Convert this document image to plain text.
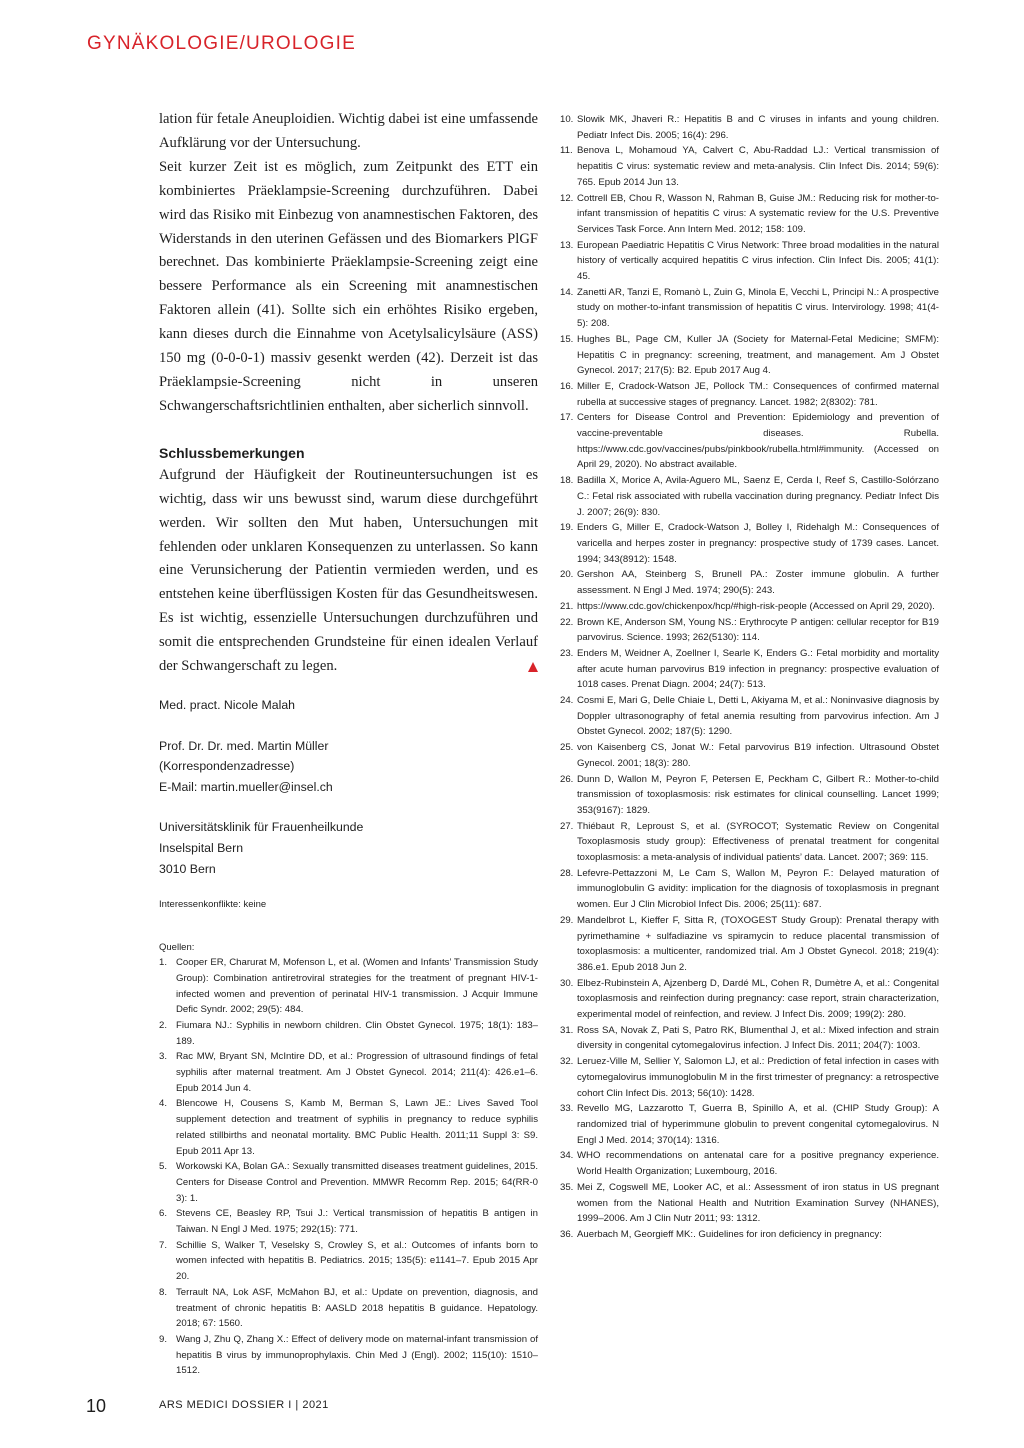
GYNÄKOLOGIE/UROLOGIE

lation für fetale Aneuploidien. Wichtig dabei ist eine umfassende Aufklärung vor der Untersuchung.

Seit kurzer Zeit ist es möglich, zum Zeitpunkt des ETT ein kombiniertes Präeklampsie-Screening durchzuführen. Dabei wird das Risiko mit Einbezug von anamnestischen Faktoren, des Widerstands in den uterinen Gefässen und des Biomarkers PlGF berechnet. Das kombinierte Präeklampsie-Screening zeigt eine bessere Performance als ein Screening mit anamnestischen Faktoren allein (41). Sollte sich ein erhöhtes Risiko ergeben, kann dieses durch die Einnahme von Acetylsalicylsäure (ASS) 150 mg (0-0-0-1) massiv gesenkt werden (42). Derzeit ist das Präeklampsie-Screening nicht in unseren Schwangerschaftsrichtlinien enthalten, aber sicherlich sinnvoll.

Schlussbemerkungen

Aufgrund der Häufigkeit der Routineuntersuchungen ist es wichtig, dass wir uns bewusst sind, warum diese durchgeführt werden. Wir sollten den Mut haben, Untersuchungen mit fehlenden oder unklaren Konsequenzen zu unterlassen. So kann eine Verunsicherung der Patientin vermieden werden, und es entstehen keine überflüssigen Kosten für das Gesundheitswesen. Es ist wichtig, essenzielle Untersuchungen durchzuführen und somit die entsprechenden Grundsteine für einen idealen Verlauf der Schwangerschaft zu legen.

Med. pract. Nicole Malah

Prof. Dr. Dr. med. Martin Müller

(Korrespondenzadresse)

E-Mail: martin.mueller@insel.ch

Universitätsklinik für Frauenheilkunde

Inselspital Bern

3010 Bern

Interessenkonflikte: keine

Quellen:

1. Cooper ER, Charurat M, Mofenson L, et al. (Women and Infants’ Transmission Study Group): Combination antiretroviral strategies for the treatment of pregnant HIV-1-infected women and prevention of perinatal HIV-1 transmission. J Acquir Immune Defic Syndr. 2002; 29(5): 484.
2. Fiumara NJ.: Syphilis in newborn children. Clin Obstet Gynecol. 1975; 18(1): 183–189.
3. Rac MW, Bryant SN, McIntire DD, et al.: Progression of ultrasound findings of fetal syphilis after maternal treatment. Am J Obstet Gynecol. 2014; 211(4): 426.e1–6. Epub 2014 Jun 4.
4. Blencowe H, Cousens S, Kamb M, Berman S, Lawn JE.: Lives Saved Tool supplement detection and treatment of syphilis in pregnancy to reduce syphilis related stillbirths and neonatal mortality. BMC Public Health. 2011;11 Suppl 3: S9. Epub 2011 Apr 13.
5. Workowski KA, Bolan GA.: Sexually transmitted diseases treatment guidelines, 2015. Centers for Disease Control and Prevention. MMWR Recomm Rep. 2015; 64(RR-0 3): 1.
6. Stevens CE, Beasley RP, Tsui J.: Vertical transmission of hepatitis B antigen in Taiwan. N Engl J Med. 1975; 292(15): 771.
7. Schillie S, Walker T, Veselsky S, Crowley S, et al.: Outcomes of infants born to women infected with hepatitis B. Pediatrics. 2015; 135(5): e1141–7. Epub 2015 Apr 20.
8. Terrault NA, Lok ASF, McMahon BJ, et al.: Update on prevention, diagnosis, and treatment of chronic hepatitis B: AASLD 2018 hepatitis B guidance. Hepatology. 2018; 67: 1560.
9. Wang J, Zhu Q, Zhang X.: Effect of delivery mode on maternal-infant transmission of hepatitis B virus by immunoprophylaxis. Chin Med J (Engl). 2002; 115(10): 1510–1512.
10. Slowik MK, Jhaveri R.: Hepatitis B and C viruses in infants and young children. Pediatr Infect Dis. 2005; 16(4): 296.
11. Benova L, Mohamoud YA, Calvert C, Abu-Raddad LJ.: Vertical transmission of hepatitis C virus: systematic review and meta-analysis. Clin Infect Dis. 2014; 59(6): 765. Epub 2014 Jun 13.
12. Cottrell EB, Chou R, Wasson N, Rahman B, Guise JM.: Reducing risk for mother-to-infant transmission of hepatitis C virus: A systematic review for the U.S. Preventive Services Task Force. Ann Intern Med. 2012; 158: 109.
13. European Paediatric Hepatitis C Virus Network: Three broad modalities in the natural history of vertically acquired hepatitis C virus infection. Clin Infect Dis. 2005; 41(1): 45.
14. Zanetti AR, Tanzi E, Romanò L, Zuin G, Minola E, Vecchi L, Principi N.: A prospective study on mother-to-infant transmission of hepatitis C virus. Intervirology. 1998; 41(4-5): 208.
15. Hughes BL, Page CM, Kuller JA (Society for Maternal-Fetal Medicine; SMFM): Hepatitis C in pregnancy: screening, treatment, and management. Am J Obstet Gynecol. 2017; 217(5): B2. Epub 2017 Aug 4.
16. Miller E, Cradock-Watson JE, Pollock TM.: Consequences of confirmed maternal rubella at successive stages of pregnancy. Lancet. 1982; 2(8302): 781.
17. Centers for Disease Control and Prevention: Epidemiology and prevention of vaccine-preventable diseases. Rubella. https://www.cdc.gov/vaccines/pubs/pinkbook/rubella.html#immunity. (Accessed on April 29, 2020). No abstract available.
18. Badilla X, Morice A, Avila-Aguero ML, Saenz E, Cerda I, Reef S, Castillo-Solórzano C.: Fetal risk associated with rubella vaccination during pregnancy. Pediatr Infect Dis J. 2007; 26(9): 830.
19. Enders G, Miller E, Cradock-Watson J, Bolley I, Ridehalgh M.: Consequences of varicella and herpes zoster in pregnancy: prospective study of 1739 cases. Lancet. 1994; 343(8912): 1548.
20. Gershon AA, Steinberg S, Brunell PA.: Zoster immune globulin. A further assessment. N Engl J Med. 1974; 290(5): 243.
21. https://www.cdc.gov/chickenpox/hcp/#high-risk-people (Accessed on April 29, 2020).
22. Brown KE, Anderson SM, Young NS.: Erythrocyte P antigen: cellular receptor for B19 parvovirus. Science. 1993; 262(5130): 114.
23. Enders M, Weidner A, Zoellner I, Searle K, Enders G.: Fetal morbidity and mortality after acute human parvovirus B19 infection in pregnancy: prospective evaluation of 1018 cases. Prenat Diagn. 2004; 24(7): 513.
24. Cosmi E, Mari G, Delle Chiaie L, Detti L, Akiyama M, et al.: Noninvasive diagnosis by Doppler ultrasonography of fetal anemia resulting from parvovirus infection. Am J Obstet Gynecol. 2002; 187(5): 1290.
25. von Kaisenberg CS, Jonat W.: Fetal parvovirus B19 infection. Ultrasound Obstet Gynecol. 2001; 18(3): 280.
26. Dunn D, Wallon M, Peyron F, Petersen E, Peckham C, Gilbert R.: Mother-to-child transmission of toxoplasmosis: risk estimates for clinical counselling. Lancet 1999; 353(9167): 1829.
27. Thiébaut R, Leproust S, et al. (SYROCOT; Systematic Review on Congenital Toxoplasmosis study group): Effectiveness of prenatal treatment for congenital toxoplasmosis: a meta-analysis of individual patients’ data. Lancet. 2007; 369: 115.
28. Lefevre-Pettazzoni M, Le Cam S, Wallon M, Peyron F.: Delayed maturation of immunoglobulin G avidity: implication for the diagnosis of toxoplasmosis in pregnant women. Eur J Clin Microbiol Infect Dis. 2006; 25(11): 687.
29. Mandelbrot L, Kieffer F, Sitta R, (TOXOGEST Study Group): Prenatal therapy with pyrimethamine + sulfadiazine vs spiramycin to reduce placental transmission of toxoplasmosis: a multicenter, randomized trial. Am J Obstet Gynecol. 2018; 219(4): 386.e1. Epub 2018 Jun 2.
30. Elbez-Rubinstein A, Ajzenberg D, Dardé ML, Cohen R, Dumètre A, et al.: Congenital toxoplasmosis and reinfection during pregnancy: case report, strain characterization, experimental model of reinfection, and review. J Infect Dis. 2009; 199(2): 280.
31. Ross SA, Novak Z, Pati S, Patro RK, Blumenthal J, et al.: Mixed infection and strain diversity in congenital cytomegalovirus infection. J Infect Dis. 2011; 204(7): 1003.
32. Leruez-Ville M, Sellier Y, Salomon LJ, et al.: Prediction of fetal infection in cases with cytomegalovirus immunoglobulin M in the first trimester of pregnancy: a retrospective cohort Clin Infect Dis. 2013; 56(10): 1428.
33. Revello MG, Lazzarotto T, Guerra B, Spinillo A, et al. (CHIP Study Group): A randomized trial of hyperimmune globulin to prevent congenital cytomegalovirus. N Engl J Med. 2014; 370(14): 1316.
34. WHO recommendations on antenatal care for a positive pregnancy experience. World Health Organization; Luxembourg, 2016.
35. Mei Z, Cogswell ME, Looker AC, et al.: Assessment of iron status in US pregnant women from the National Health and Nutrition Examination Survey (NHANES), 1999–2006. Am J Clin Nutr 2011; 93: 1312.
36. Auerbach M, Georgieff MK:. Guidelines for iron deficiency in pregnancy:
10	ARS MEDICI DOSSIER I | 2021
